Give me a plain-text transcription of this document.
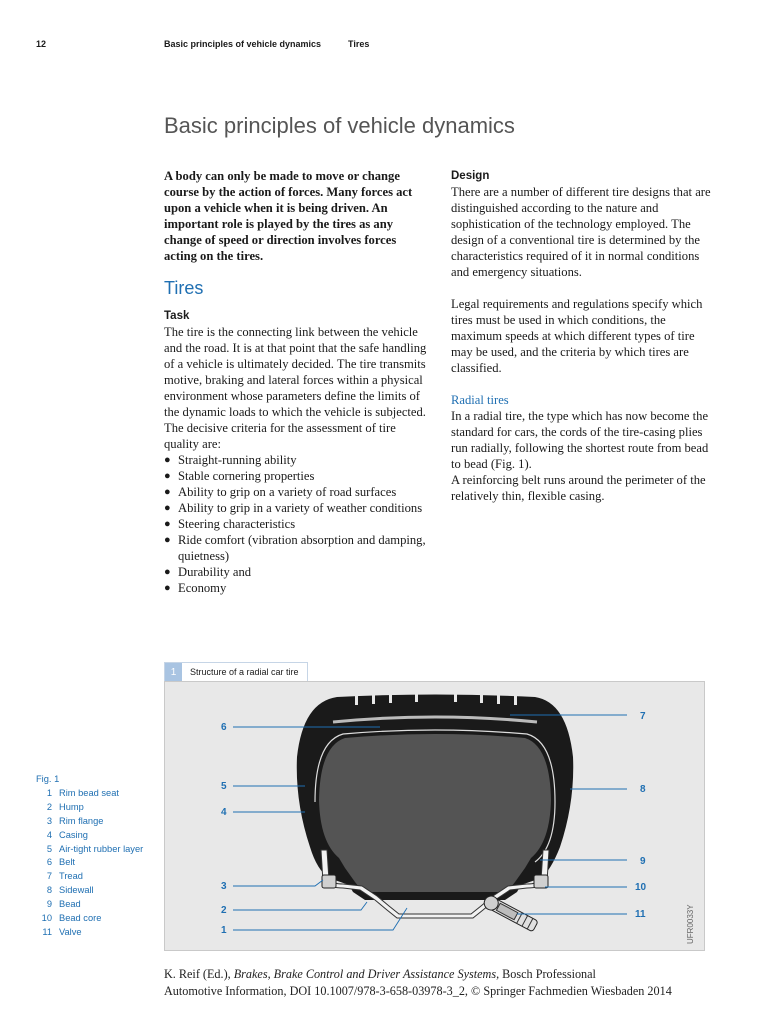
12	Basic principles of vehicle dynamics	Tires
Basic principles of vehicle dynamics

A body can only be made to move or change course by the action of forces. Many forces act upon a vehicle when it is being driven. An important role is played by the tires as any change of speed or direction involves forces acting on the tires.

Tires
Task

The tire is the connecting link between the vehicle and the road. It is at that point that the safe handling of a vehicle is ultimately decided. The tire transmits motive, braking and lateral forces within a physical environment whose parameters define the limits of the dynamic loads to which the vehicle is subjected. The decisive criteria for the assessment of tire quality are:

● Straight-running ability
● Stable cornering properties
● Ability to grip on a variety of road surfaces
● Ability to grip in a variety of weather conditions
● Steering characteristics
● Ride comfort (vibration absorption and damping, quietness)
● Durability and
● Economy
Design

There are a number of different tire designs that are distinguished according to the nature and sophistication of the technology employed. The design of a conventional tire is determined by the characteristics required of it in normal conditions and emergency situations.

Legal requirements and regulations specify which tires must be used in which conditions, the maximum speeds at which different types of tire may be used, and the criteria by which tires are classified.

Radial tires

In a radial tire, the type which has now become the standard for cars, the cords of the tire-casing plies run radially, following the shortest route from bead to bead (Fig. 1).

A reinforcing belt runs around the perimeter of the relatively thin, flexible casing.

1	Structure of a radial car tire
6
5
4
3
2
1
7
8
9
10
11	UFR0033Y
Fig. 1
1 Rim bead seat
2 Hump
3 Rim flange
4 Casing
5 Air-tight rubber layer
6 Belt
7 Tread
8 Sidewall
9 Bead
10 Bead core
11 Valve
K. Reif (Ed.), Brakes, Brake Control and Driver Assistance Systems, Bosch Professional
Automotive Information, DOI 10.1007/978-3-658-03978-3_2, © Springer Fachmedien Wiesbaden 2014
